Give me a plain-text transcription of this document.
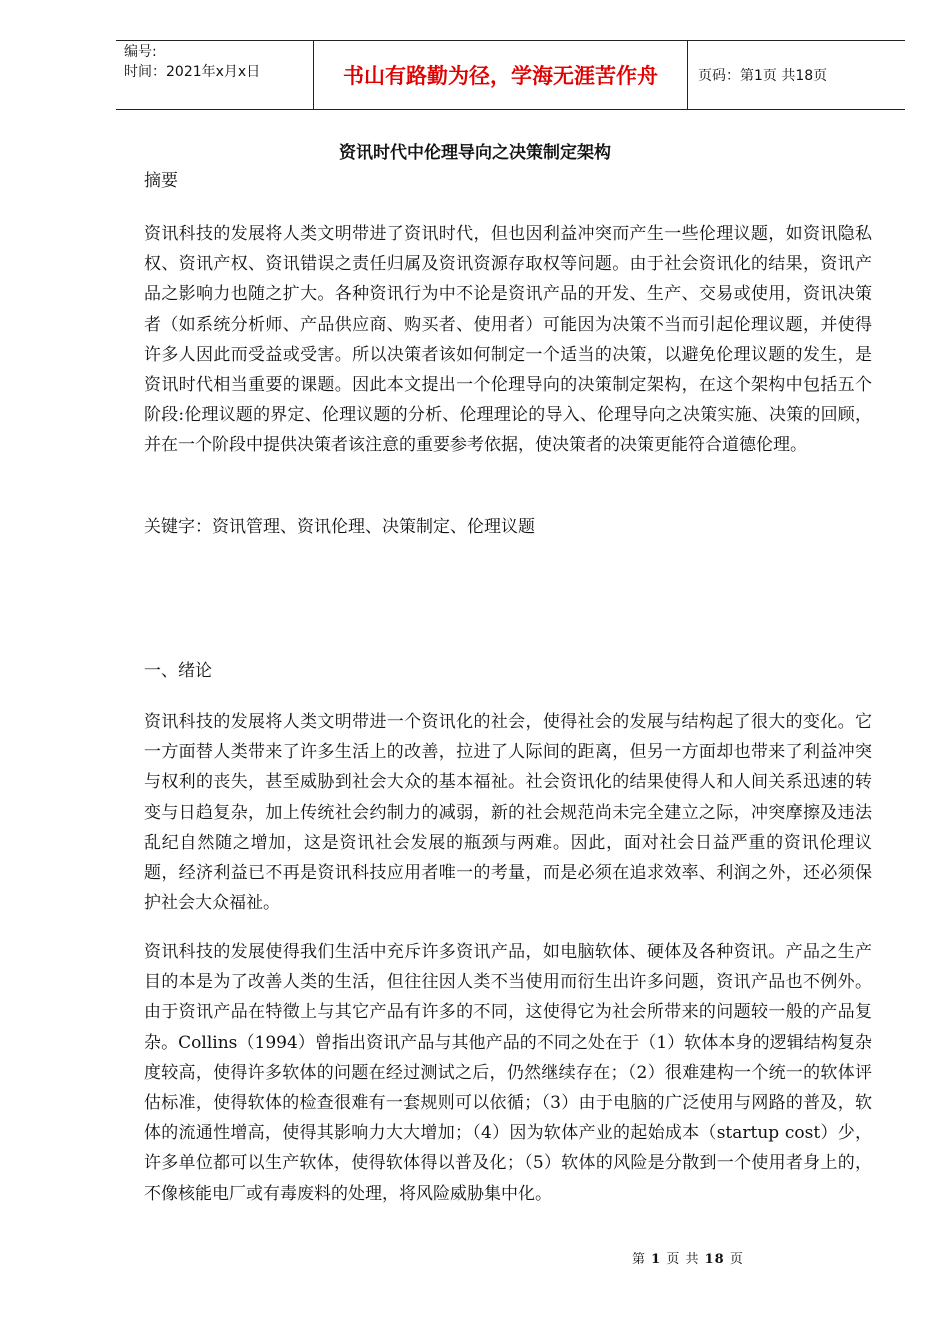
编号:
时间：2021年x月x日	书山有路勤为径，学海无涯苦作舟	页码：第1页 共18页
资讯时代中伦理导向之决策制定架构
摘要
资讯科技的发展将人类文明带进了资讯时代，但也因利益冲突而产生一些伦理议题，如资讯隐私权、资讯产权、资讯错误之责任归属及资讯资源存取权等问题。由于社会资讯化的结果，资讯产品之影响力也随之扩大。各种资讯行为中不论是资讯产品的开发、生产、交易或使用，资讯决策者（如系统分析师、产品供应商、购买者、使用者）可能因为决策不当而引起伦理议题，并使得许多人因此而受益或受害。所以决策者该如何制定一个适当的决策，以避免伦理议题的发生，是资讯时代相当重要的课题。因此本文提出一个伦理导向的决策制定架构，在这个架构中包括五个阶段:伦理议题的界定、伦理议题的分析、伦理理论的导入、伦理导向之决策实施、决策的回顾，并在一个阶段中提供决策者该注意的重要参考依据，使决策者的决策更能符合道德伦理。
关键字：资讯管理、资讯伦理、决策制定、伦理议题
一、绪论
资讯科技的发展将人类文明带进一个资讯化的社会，使得社会的发展与结构起了很大的变化。它一方面替人类带来了许多生活上的改善，拉进了人际间的距离，但另一方面却也带来了利益冲突与权利的丧失，甚至威胁到社会大众的基本福祉。社会资讯化的结果使得人和人间关系迅速的转变与日趋复杂，加上传统社会约制力的减弱，新的社会规范尚未完全建立之际，冲突摩擦及违法乱纪自然随之增加，这是资讯社会发展的瓶颈与两难。因此，面对社会日益严重的资讯伦理议题，经济利益已不再是资讯科技应用者唯一的考量，而是必须在追求效率、利润之外，还必须保护社会大众福祉。
资讯科技的发展使得我们生活中充斥许多资讯产品，如电脑软体、硬体及各种资讯。产品之生产目的本是为了改善人类的生活，但往往因人类不当使用而衍生出许多问题，资讯产品也不例外。由于资讯产品在特徵上与其它产品有许多的不同，这使得它为社会所带来的问题较一般的产品复杂。Collins（1994）曾指出资讯产品与其他产品的不同之处在于（1）软体本身的逻辑结构复杂度较高，使得许多软体的问题在经过测试之后，仍然继续存在；（2）很难建构一个统一的软体评估标准，使得软体的检查很难有一套规则可以依循；（3）由于电脑的广泛使用与网路的普及，软体的流通性增高，使得其影响力大大增加；（4）因为软体产业的起始成本（startup cost）少，许多单位都可以生产软体，使得软体得以普及化；（5）软体的风险是分散到一个使用者身上的，不像核能电厂或有毒废料的处理，将风险威胁集中化。
第 1 页 共 18 页
